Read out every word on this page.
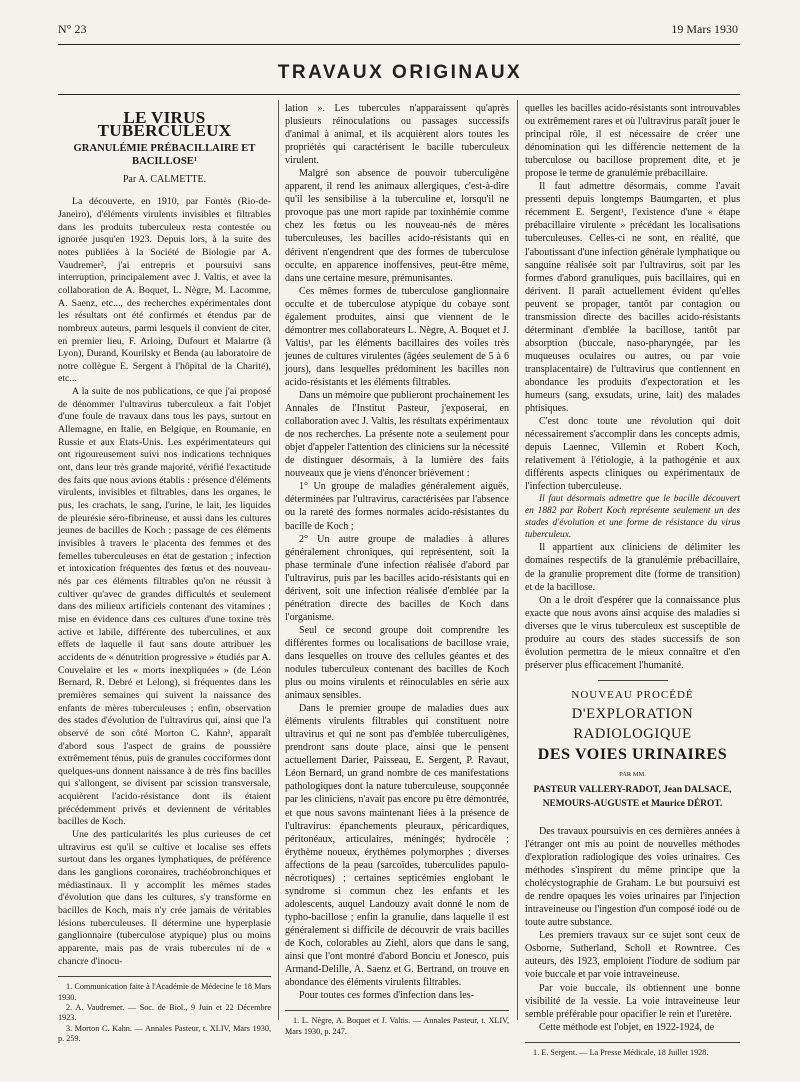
N° 23	19 Mars 1930
TRAVAUX ORIGINAUX
LE VIRUS TUBERCULEUX
GRANULÉMIE PRÉBACILLAIRE ET BACILLOSE¹
Par A. CALMETTE.

La découverte, en 1910, par Fontès (Rio-de-Janeiro), d'éléments virulents invisibles et filtrables dans les produits tuberculeux resta contestée ou ignorée jusqu'en 1923. Depuis lors, à la suite des notes publiées à la Société de Biologie par A. Vaudremer², j'ai entrepris et poursuivi sans interruption, principalement avec J. Valtis, et avec la collaboration de A. Boquet, L. Nègre, M. Lacomme, A. Saenz, etc..., des recherches expérimentales dont les résultats ont été confirmés et étendus par de nombreux auteurs, parmi lesquels il convient de citer, en premier lieu, F. Arloing, Dufourt et Malartre (à Lyon), Durand, Kourilsky et Benda (au laboratoire de notre collègue E. Sergent à l'hôpital de la Charité), etc...

A la suite de nos publications, ce que j'ai proposé de dénommer l'ultravirus tuberculeux a fait l'objet d'une foule de travaux dans tous les pays, surtout en Allemagne, en Italie, en Belgique, en Roumanie, en Russie et aux Etats-Unis. Les expérimentateurs qui ont rigoureusement suivi nos indications techniques ont, dans leur très grande majorité, vérifié l'exactitude des faits que nous avions établis : présence d'éléments virulents, invisibles et filtrables, dans les organes, le pus, les crachats, le sang, l'urine, le lait, les liquides de pleurésie séro-fibrineuse, et aussi dans les cultures jeunes de bacilles de Koch ; passage de ces éléments invisibles à travers le placenta des femmes et des femelles tuberculeuses en état de gestation ; infection et intoxication fréquentes des fœtus et des nouveau-nés par ces éléments filtrables qu'on ne réussit à cultiver qu'avec de grandes difficultés et seulement dans des milieux artificiels contenant des vitamines ; mise en évidence dans ces cultures d'une toxine très active et labile, différente des tuberculines, et aux effets de laquelle il faut sans doute attribuer les accidents de « dénutrition progressive » étudiés par A. Couvelaire et les « morts inexpliquées » (de Léon Bernard, R. Debré et Lelong), si fréquentes dans les premières semaines qui suivent la naissance des enfants de mères tuberculeuses ; enfin, observation des stades d'évolution de l'ultravirus qui, ainsi que l'a observé de son côté Morton C. Kahn³, apparaît d'abord sous l'aspect de grains de poussière extrêmement ténus, puis de granules cocciformes dont quelques-uns donnent naissance à de très fins bacilles qui s'allongent, se divisent par scission transversale, acquièrent l'acido-résistance dont ils étaient précédemment privés et deviennent de véritables bacilles de Koch.

Une des particularités les plus curieuses de cet ultravirus est qu'il se cultive et localise ses effets surtout dans les organes lymphatiques, de préférence dans les ganglions coronaires, trachéobronchiques et médiastinaux. Il y accomplit les mêmes stades d'évolution que dans les cultures, s'y transforme en bacilles de Koch, mais n'y crée jamais de véritables lésions tuberculeuses. Il détermine une hyperplasie ganglionnaire (tuberculose atypique) plus ou moins apparente, mais pas de vrais tubercules ni de « chancre d'inocu-

1. Communication faite à l'Académie de Médecine le 18 Mars 1930.

2. A. Vaudremer. — Soc. de Biol., 9 Juin et 22 Décembre 1923.

3. Morton C. Kahn. — Annales Pasteur, t. XLIV, Mars 1930, p. 259.

lation ». Les tubercules n'apparaissent qu'après plusieurs réinoculations ou passages successifs d'animal à animal, et ils acquièrent alors toutes les propriétés qui caractérisent le bacille tuberculeux virulent.

Malgré son absence de pouvoir tuberculigène apparent, il rend les animaux allergiques, c'est-à-dire qu'il les sensibilise à la tuberculine et, lorsqu'il ne provoque pas une mort rapide par toxinhémie comme chez les fœtus ou les nouveau-nés de mères tuberculeuses, les bacilles acido-résistants qui en dérivent n'engendrent que des formes de tuberculose occulte, en apparence inoffensives, peut-être même, dans une certaine mesure, prémunisantes.

Ces mêmes formes de tuberculose ganglionnaire occulte et de tuberculose atypique du cobaye sont également produites, ainsi que viennent de le démontrer mes collaborateurs L. Nègre, A. Boquet et J. Valtis¹, par les éléments bacillaires des voiles très jeunes de cultures virulentes (âgées seulement de 5 à 6 jours), dans lesquelles prédominent les bacilles non acido-résistants et les éléments filtrables.

Dans un mémoire que publieront prochainement les Annales de l'Institut Pasteur, j'exposerai, en collaboration avec J. Valtis, les résultats expérimentaux de nos recherches. La présente note a seulement pour objet d'appeler l'attention des cliniciens sur la nécessité de distinguer désormais, à la lumière des faits nouveaux que je viens d'énoncer brièvement :

1° Un groupe de maladies généralement aiguës, déterminées par l'ultravirus, caractérisées par l'absence ou la rareté des formes normales acido-résistantes du bacille de Koch ;

2° Un autre groupe de maladies à allures généralement chroniques, qui représentent, soit la phase terminale d'une infection réalisée d'abord par l'ultravirus, puis par les bacilles acido-résistants qui en dérivent, soit une infection réalisée d'emblée par la pénétration directe des bacilles de Koch dans l'organisme.

Seul ce second groupe doit comprendre les différentes formes ou localisations de bacillose vraie, dans lesquelles on trouve des cellules géantes et des nodules tuberculeux contenant des bacilles de Koch plus ou moins virulents et réinoculables en série aux animaux sensibles.

Dans le premier groupe de maladies dues aux éléments virulents filtrables qui constituent notre ultravirus et qui ne sont pas d'emblée tuberculigènes, prendront sans doute place, ainsi que le pensent actuellement Darier, Paisseau, E. Sergent, P. Ravaut, Léon Bernard, un grand nombre de ces manifestations pathologiques dont la nature tuberculeuse, soupçonnée par les cliniciens, n'avait pas encore pu être démontrée, et que nous savons maintenant liées à la présence de l'ultravirus: épanchements pleuraux, péricardiques, péritonéaux, articulaires, méningés; hydrocèle ; érythème noueux, érythèmes polymorphes ; diverses affections de la peau (sarcoïdes, tuberculides papulo-nécrotiques) ; certaines septicémies englobant le syndrome si commun chez les enfants et les adolescents, auquel Landouzy avait donné le nom de typho-bacillose ; enfin la granulie, dans laquelle il est généralement si difficile de découvrir de vrais bacilles de Koch, colorables au Ziehl, alors que dans le sang, ainsi que l'ont montré d'abord Bonciu et Jonesco, puis Armand-Delille, A. Saenz et G. Bertrand, on trouve en abondance des éléments virulents filtrables.

Pour toutes ces formes d'infection dans les-

1. L. Nègre, A. Boquet et J. Valtis. — Annales Pasteur, t. XLIV, Mars 1930, p. 247.

quelles les bacilles acido-résistants sont introuvables ou extrêmement rares et où l'ultravirus paraît jouer le principal rôle, il est nécessaire de créer une dénomination qui les différencie nettement de la tuberculose ou bacillose proprement dite, et je propose le terme de granulémie prébacillaire.

Il faut admettre désormais, comme l'avait pressenti depuis longtemps Baumgarten, et plus récemment E. Sergent¹, l'existence d'une « étape prébacillaire virulente » précédant les localisations tuberculeuses. Celles-ci ne sont, en réalité, que l'aboutissant d'une infection générale lymphatique ou sanguine réalisée soit par l'ultravirus, soit par les formes d'abord granuliques, puis bacillaires, qui en dérivent. Il paraît actuellement évident qu'elles peuvent se propager, tantôt par contagion ou transmission directe des bacilles acido-résistants déterminant d'emblée la bacillose, tantôt par absorption (buccale, naso-pharyngée, par les muqueuses oculaires ou autres, ou par voie transplacentaire) de l'ultravirus que contiennent en abondance les produits d'expectoration et les humeurs (sang, exsudats, urine, lait) des malades phtisiques.

C'est donc toute une révolution qui doit nécessairement s'accomplir dans les concepts admis, depuis Laennec, Villemin et Robert Koch, relativement à l'étiologie, à la pathogénie et aux différents aspects cliniques ou expérimentaux de l'infection tuberculeuse.

Il faut désormais admettre que le bacille découvert en 1882 par Robert Koch représente seulement un des stades d'évolution et une forme de résistance du virus tuberculeux.

Il appartient aux cliniciens de délimiter les domaines respectifs de la granulémie prébacillaire, de la granulie proprement dite (forme de transition) et de la bacillose.

On a le droit d'espérer que la connaissance plus exacte que nous avons ainsi acquise des maladies si diverses que le virus tuberculeux est susceptible de produire au cours des stades successifs de son évolution permettra de le mieux connaître et d'en préserver plus efficacement l'humanité.

NOUVEAU PROCÉDÉ
D'EXPLORATION RADIOLOGIQUE
DES VOIES URINAIRES
PAR MM.
PASTEUR VALLERY-RADOT, Jean DALSACE,
NEMOURS-AUGUSTE et Maurice DÉROT.

Des travaux poursuivis en ces dernières années à l'étranger ont mis au point de nouvelles méthodes d'exploration radiologique des voies urinaires. Ces méthodes s'inspirent du même principe que la cholécystographie de Graham. Le but poursuivi est de rendre opaques les voies urinaires par l'injection intraveineuse ou l'ingestion d'un composé iodé ou de toute autre substance.

Les premiers travaux sur ce sujet sont ceux de Osborne, Sutherland, Scholl et Rowntree. Ces auteurs, dès 1923, emploient l'iodure de sodium par voie buccale et par voie intraveineuse.

Par voie buccale, ils obtiennent une bonne visibilité de la vessie. La voie intraveineuse leur semble préférable pour opacifier le rein et l'uretère.

Cette méthode est l'objet, en 1922-1924, de

1. E. Sergent. — La Presse Médicale, 18 Juillet 1928.
